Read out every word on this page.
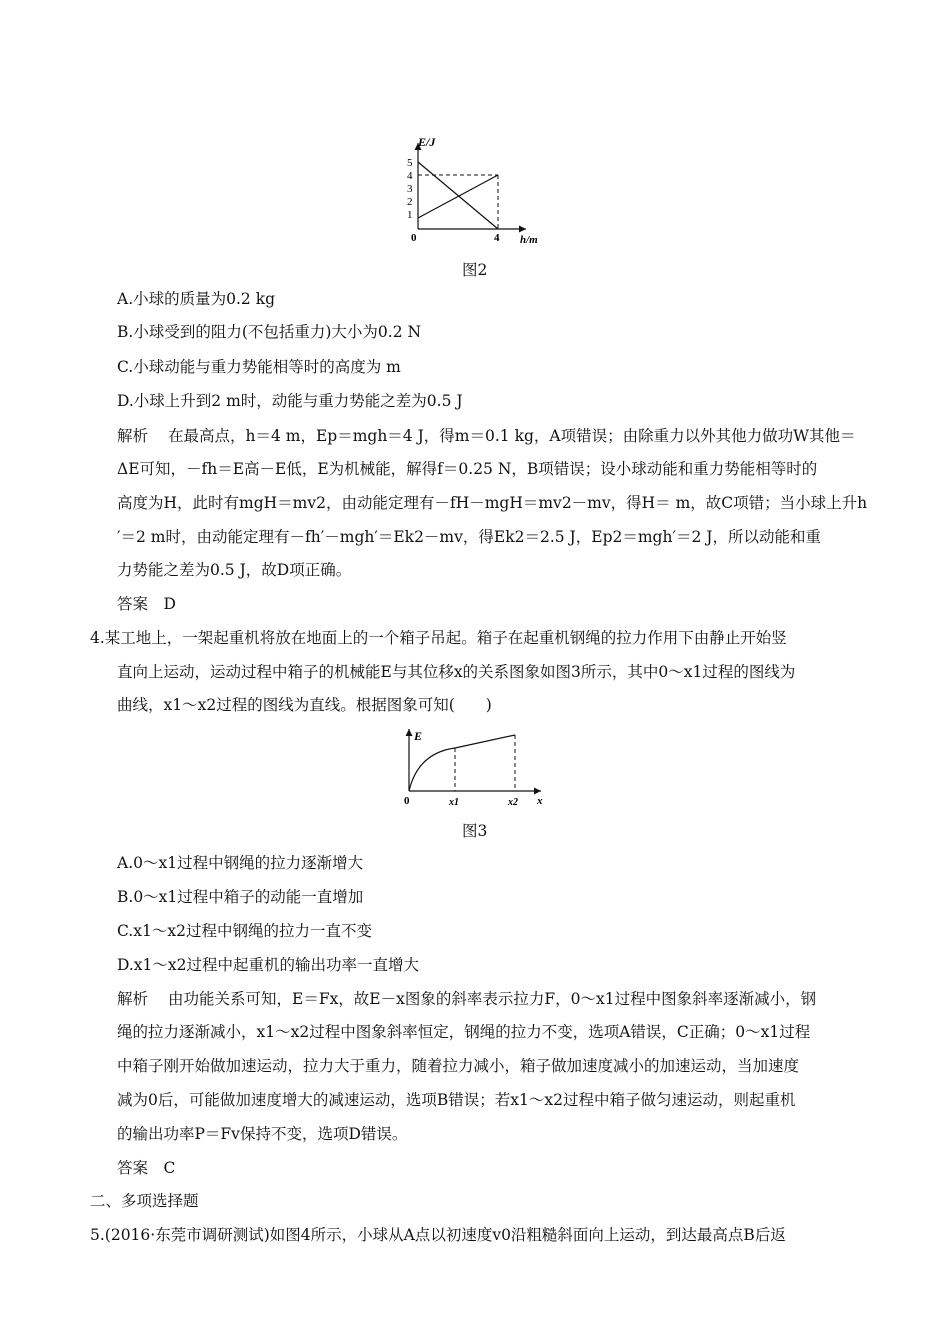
E/J
5
4
3
2
1
0	4 h/m
图2
A.小球的质量为0.2 kg
B.小球受到的阻力(不包括重力)大小为0.2 N
C.小球动能与重力势能相等时的高度为 m
D.小球上升到2 m时，动能与重力势能之差为0.5 J
解析 在最高点，h＝4 m，Ep＝mgh＝4 J，得m＝0.1 kg，A项错误；由除重力以外其他力做功W其他＝
ΔE可知，－fh＝E高－E低，E为机械能，解得f＝0.25 N，B项错误；设小球动能和重力势能相等时的
高度为H，此时有mgH＝mv2，由动能定理有－fH－mgH＝mv2－mv，得H＝ m，故C项错；当小球上升h
′＝2 m时，由动能定理有－fh′－mgh′＝Ek2－mv，得Ek2＝2.5 J，Ep2＝mgh′＝2 J，所以动能和重
力势能之差为0.5 J，故D项正确。
答案　D
4.某工地上，一架起重机将放在地面上的一个箱子吊起。箱子在起重机钢绳的拉力作用下由静止开始竖
直向上运动，运动过程中箱子的机械能E与其位移x的关系图象如图3所示，其中0～x1过程的图线为
曲线，x1～x2过程的图线为直线。根据图象可知(　　)
E
0	x1	x2 x
图3
A.0～x1过程中钢绳的拉力逐渐增大
B.0～x1过程中箱子的动能一直增加
C.x1～x2过程中钢绳的拉力一直不变
D.x1～x2过程中起重机的输出功率一直增大
解析 由功能关系可知，E＝Fx，故E－x图象的斜率表示拉力F，0～x1过程中图象斜率逐渐减小，钢
绳的拉力逐渐减小，x1～x2过程中图象斜率恒定，钢绳的拉力不变，选项A错误，C正确；0～x1过程
中箱子刚开始做加速运动，拉力大于重力，随着拉力减小，箱子做加速度减小的加速运动，当加速度
减为0后，可能做加速度增大的减速运动，选项B错误；若x1～x2过程中箱子做匀速运动，则起重机
的输出功率P＝Fv保持不变，选项D错误。
答案　C
二、多项选择题
5.(2016·东莞市调研测试)如图4所示，小球从A点以初速度v0沿粗糙斜面向上运动，到达最高点B后返
